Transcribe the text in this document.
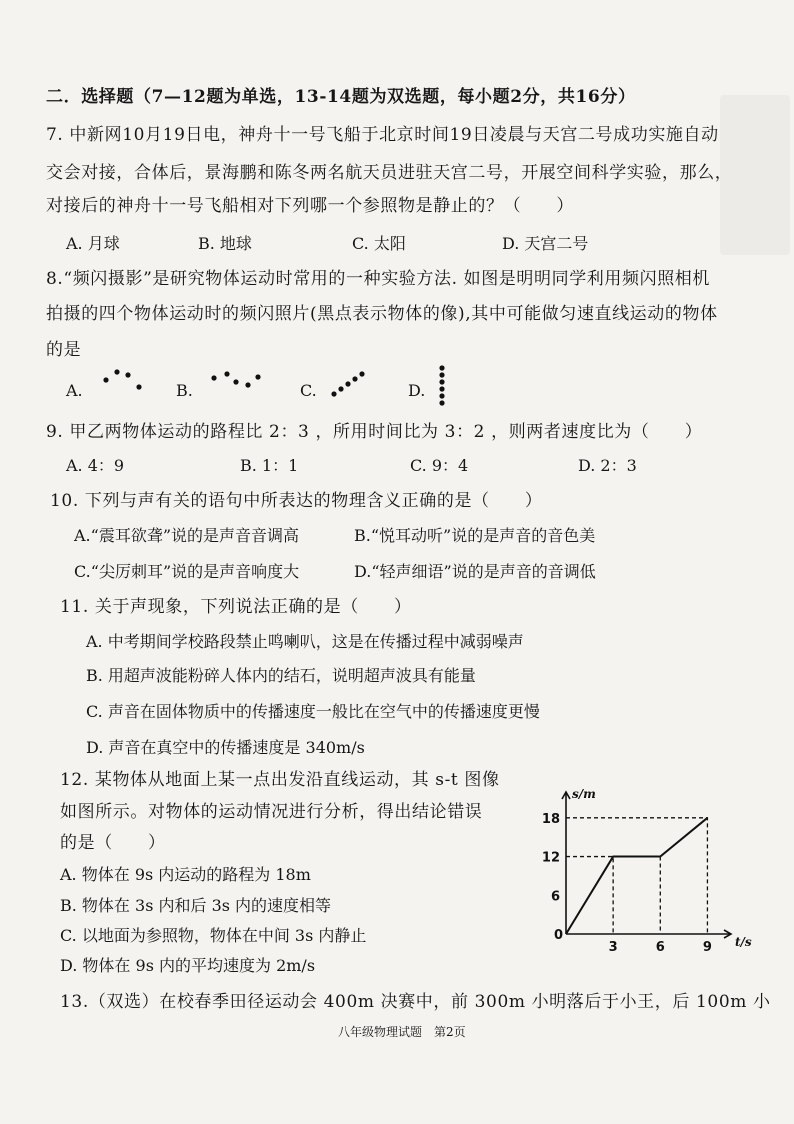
二．选择题（7—12题为单选，13-14题为双选题，每小题2分，共16分）
7. 中新网10月19日电，神舟十一号飞船于北京时间19日凌晨与天宫二号成功实施自动
交会对接，合体后，景海鹏和陈冬两名航天员进驻天宫二号，开展空间科学实验，那么，
对接后的神舟十一号飞船相对下列哪一个参照物是静止的？（　　）
A. 月球	B. 地球	C. 太阳	D. 天宫二号
8.“频闪摄影”是研究物体运动时常用的一种实验方法. 如图是明明同学利用频闪照相机
拍摄的四个物体运动时的频闪照片(黑点表示物体的像),其中可能做匀速直线运动的物体
的是
A.	B.	C.	D.
9. 甲乙两物体运动的路程比 2：3 ，所用时间比为 3：2 ，则两者速度比为（　　）
A. 4：9	B. 1：1	C. 9：4	D. 2：3
10. 下列与声有关的语句中所表达的物理含义正确的是（　　）
A.“震耳欲聋”说的是声音音调高	B.“悦耳动听”说的是声音的音色美
C.“尖厉刺耳”说的是声音响度大	D.“轻声细语”说的是声音的音调低
11. 关于声现象，下列说法正确的是（　　）
A. 中考期间学校路段禁止鸣喇叭，这是在传播过程中减弱噪声
B. 用超声波能粉碎人体内的结石，说明超声波具有能量
C. 声音在固体物质中的传播速度一般比在空气中的传播速度更慢
D. 声音在真空中的传播速度是 340m/s
12. 某物体从地面上某一点出发沿直线运动，其 s-t 图像
如图所示。对物体的运动情况进行分析，得出结论错误
的是（　　）
A. 物体在 9s 内运动的路程为 18m
B. 物体在 3s 内和后 3s 内的速度相等
C. 以地面为参照物，物体在中间 3s 内静止
D. 物体在 9s 内的平均速度为 2m/s
0
3	6	9
6
12
18
t/s
s/m
13.（双选）在校春季田径运动会 400m 决赛中，前 300m 小明落后于小王，后 100m 小
八年级物理试题　第2页
